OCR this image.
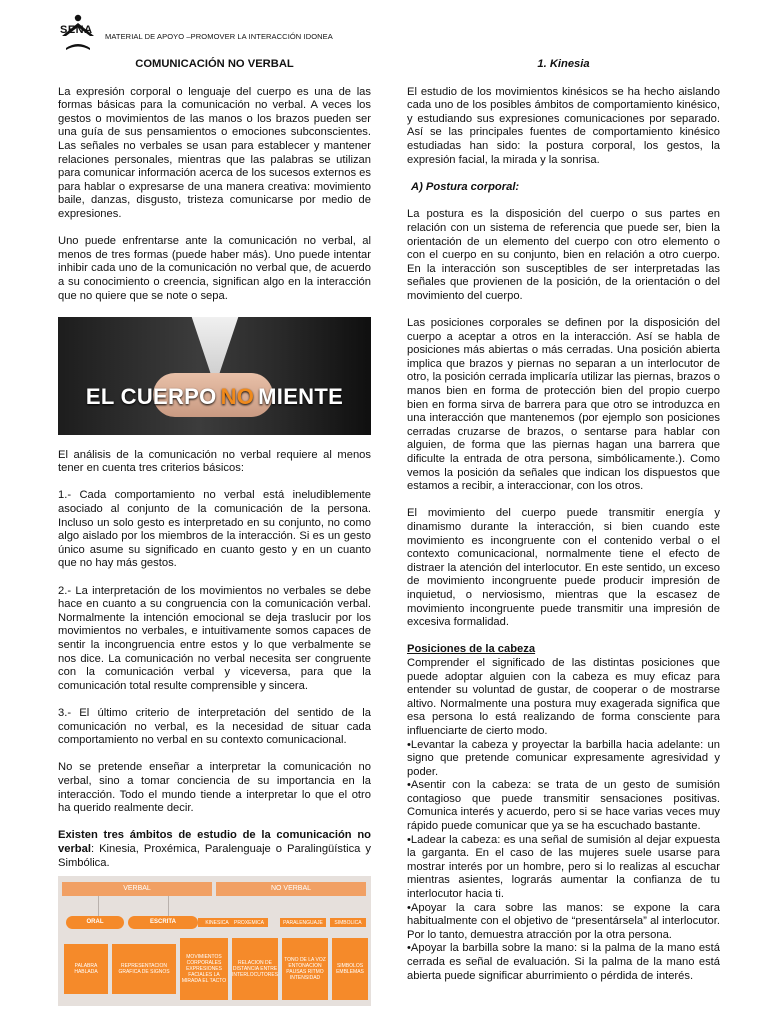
SENA
MATERIAL DE APOYO –PROMOVER LA INTERACCIÓN IDONEA
COMUNICACIÓN NO VERBAL

La expresión corporal o lenguaje del cuerpo es una de las formas básicas para la comunicación no verbal. A veces los gestos o movimientos de las manos o los brazos pueden ser una guía de sus pensamientos o emociones subconscientes. Las señales no verbales se usan para establecer y mantener relaciones personales, mientras que las palabras se utilizan para comunicar información acerca de los sucesos externos es para hablar o expresarse de una manera creativa: movimiento baile, danzas, disgusto, tristeza comunicarse por medio de expresiones.

Uno puede enfrentarse ante la comunicación no verbal, al menos de tres formas (puede haber más). Uno puede intentar inhibir cada uno de la comunicación no verbal que, de acuerdo a su conocimiento o creencia, significan algo en la interacción que no quiere que se note o sepa.

EL CUERPO NO MIENTE

El análisis de la comunicación no verbal requiere al menos tener en cuenta tres criterios básicos:

1.- Cada comportamiento no verbal está ineludiblemente asociado al conjunto de la comunicación de la persona. Incluso un solo gesto es interpretado en su conjunto, no como algo aislado por los miembros de la interacción. Si es un gesto único asume su significado en cuanto gesto y en un cuanto que no hay más gestos.

2.- La interpretación de los movimientos no verbales se debe hace en cuanto a su congruencia con la comunicación verbal. Normalmente la intención emocional se deja traslucir por los movimientos no verbales, e intuitivamente somos capaces de sentir la incongruencia entre estos y lo que verbalmente se nos dice. La comunicación no verbal necesita ser congruente con la comunicación verbal y viceversa, para que la comunicación total resulte comprensible y sincera.

3.- El último criterio de interpretación del sentido de la comunicación no verbal, es la necesidad de situar cada comportamiento no verbal en su contexto comunicacional.

No se pretende enseñar a interpretar la comunicación no verbal, sino a tomar conciencia de su importancia en la interacción. Todo el mundo tiende a interpretar lo que el otro ha querido realmente decir.

Existen tres ámbitos de estudio de la comunicación no verbal: Kinesia, Proxémica, Paralenguaje o Paralingüística y Simbólica.

VERBAL	NO VERBAL
ORAL	ESCRITA	KINESICA	PROXEMICA	PARALENGUAJE	SIMBOLICA
PALABRA HABLADA
REPRESENTACION GRAFICA DE SIGNOS
MOVIMIENTOS CORPORALES EXPRESIONES FACIALES LA MIRADA EL TACTO
RELACION DE DISTANCIA ENTRE INTERLOCUTORES
TONO DE LA VOZ ENTONACION PAUSAS RITMO INTENSIDAD
SIMBOLOS EMBLEMAS
1. Kinesia

El estudio de los movimientos kinésicos se ha hecho aislando cada uno de los posibles ámbitos de comportamiento kinésico, y estudiando sus expresiones comunicaciones por separado. Así se las principales fuentes de comportamiento kinésico estudiadas han sido: la postura corporal, los gestos, la expresión facial, la mirada y la sonrisa.

A) Postura corporal:

La postura es la disposición del cuerpo o sus partes en relación con un sistema de referencia que puede ser, bien la orientación de un elemento del cuerpo con otro elemento o con el cuerpo en su conjunto, bien en relación a otro cuerpo. En la interacción son susceptibles de ser interpretadas las señales que provienen de la posición, de la orientación o del movimiento del cuerpo.

Las posiciones corporales se definen por la disposición del cuerpo a aceptar a otros en la interacción. Así se habla de posiciones más abiertas o más cerradas. Una posición abierta implica que brazos y piernas no separan a un interlocutor de otro, la posición cerrada implicaría utilizar las piernas, brazos o manos bien en forma de protección bien del propio cuerpo bien en forma sirva de barrera para que otro se introduzca en una interacción que mantenemos (por ejemplo son posiciones cerradas cruzarse de brazos, o sentarse para hablar con alguien, de forma que las piernas hagan una barrera que dificulte la entrada de otra persona, simbólicamente.). Como vemos la posición da señales que indican los dispuestos que estamos a recibir, a interaccionar, con los otros.

El movimiento del cuerpo puede transmitir energía y dinamismo durante la interacción, si bien cuando este movimiento es incongruente con el contenido verbal o el contexto comunicacional, normalmente tiene el efecto de distraer la atención del interlocutor. En este sentido, un exceso de movimiento incongruente puede producir impresión de inquietud, o nerviosismo, mientras que la escasez de movimiento incongruente puede transmitir una impresión de excesiva formalidad.

Posiciones de la cabeza

Comprender el significado de las distintas posiciones que puede adoptar alguien con la cabeza es muy eficaz para entender su voluntad de gustar, de cooperar o de mostrarse altivo. Normalmente una postura muy exagerada significa que esa persona lo está realizando de forma consciente para influenciarte de cierto modo.

•Levantar la cabeza y proyectar la barbilla hacia adelante: un signo que pretende comunicar expresamente agresividad y poder.

•Asentir con la cabeza: se trata de un gesto de sumisión contagioso que puede transmitir sensaciones positivas. Comunica interés y acuerdo, pero si se hace varias veces muy rápido puede comunicar que ya se ha escuchado bastante.

•Ladear la cabeza: es una señal de sumisión al dejar expuesta la garganta. En el caso de las mujeres suele usarse para mostrar interés por un hombre, pero si lo realizas al escuchar mientras asientes, lograrás aumentar la confianza de tu interlocutor hacia ti.

•Apoyar la cara sobre las manos: se expone la cara habitualmente con el objetivo de “presentársela” al interlocutor. Por lo tanto, demuestra atracción por la otra persona.

•Apoyar la barbilla sobre la mano: si la palma de la mano está cerrada es señal de evaluación. Si la palma de la mano está abierta puede significar aburrimiento o pérdida de interés.
